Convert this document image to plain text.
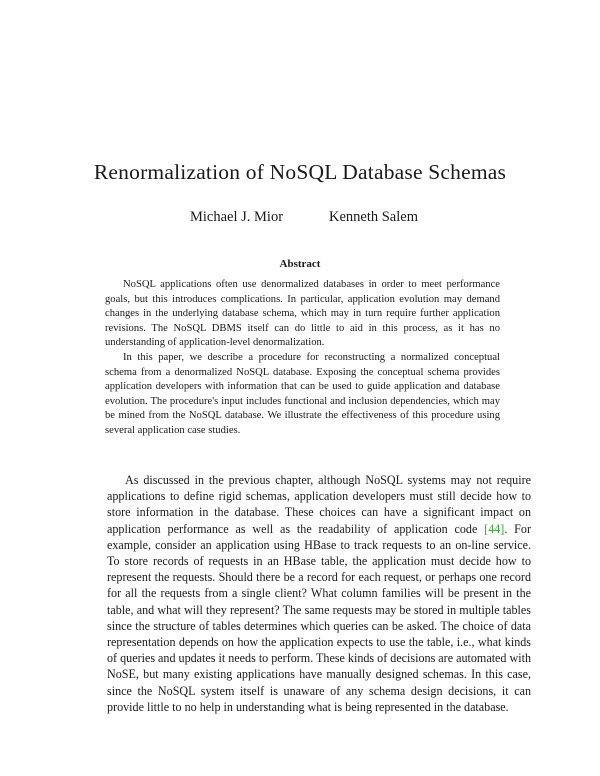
Renormalization of NoSQL Database Schemas
Michael J. Mior	Kenneth Salem
Abstract

NoSQL applications often use denormalized databases in order to meet performance goals, but this introduces complications. In particular, application evolution may demand changes in the underlying database schema, which may in turn require further application revisions. The NoSQL DBMS itself can do little to aid in this process, as it has no understanding of application-level denormalization.

In this paper, we describe a procedure for reconstructing a normalized conceptual schema from a denormalized NoSQL database. Exposing the conceptual schema provides application developers with information that can be used to guide application and database evolution. The procedure's input includes functional and inclusion dependencies, which may be mined from the NoSQL database. We illustrate the effectiveness of this procedure using several application case studies.

As discussed in the previous chapter, although NoSQL systems may not require applications to define rigid schemas, application developers must still decide how to store information in the database. These choices can have a significant impact on application performance as well as the readability of application code [44]. For example, consider an application using HBase to track requests to an on-line service. To store records of requests in an HBase table, the application must decide how to represent the requests. Should there be a record for each request, or perhaps one record for all the requests from a single client? What column families will be present in the table, and what will they represent? The same requests may be stored in multiple tables since the structure of tables determines which queries can be asked. The choice of data representation depends on how the application expects to use the table, i.e., what kinds of queries and updates it needs to perform. These kinds of decisions are automated with NoSE, but many existing applications have manually designed schemas. In this case, since the NoSQL system itself is unaware of any schema design decisions, it can provide little to no help in understanding what is being represented in the database.
